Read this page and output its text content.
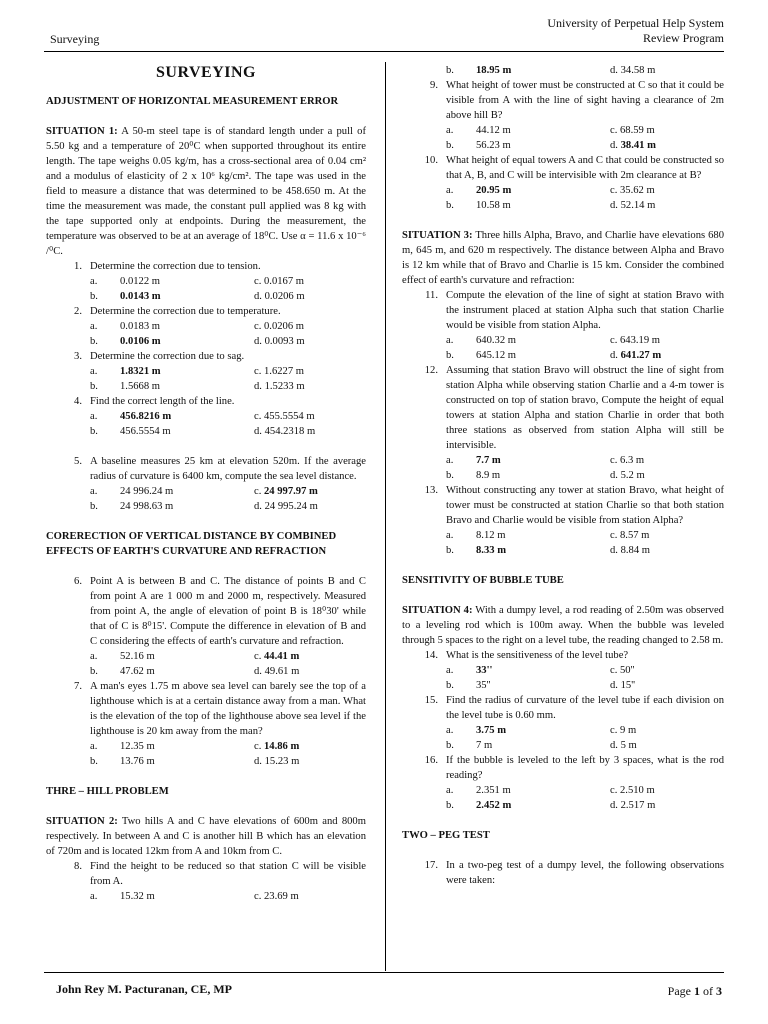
Surveying
University of Perpetual Help System
Review Program
SURVEYING

ADJUSTMENT OF HORIZONTAL MEASUREMENT ERROR

SITUATION 1: A 50-m steel tape is of standard length under a pull of 5.50 kg and a temperature of 20⁰C when supported throughout its entire length. The tape weighs 0.05 kg/m, has a cross-sectional area of 0.04 cm² and a modulus of elasticity of 2 x 10⁶ kg/cm². The tape was used in the field to measure a distance that was determined to be 458.650 m. At the time the measurement was made, the constant pull applied was 8 kg with the tape supported only at endpoints. During the measurement, the temperature was observed to be at an average of 18⁰C. Use α = 11.6 x 10⁻⁶ /⁰C.

1. Determine the correction due to tension.
a.	0.0122 m	c. 0.0167 m
b.	0.0143 m	d. 0.0206 m
2. Determine the correction due to temperature.
a.	0.0183 m	c. 0.0206 m
b.	0.0106 m	d. 0.0093 m
3. Determine the correction due to sag.
a.	1.8321 m	c. 1.6227 m
b.	1.5668 m	d. 1.5233 m
4. Find the correct length of the line.
a.	456.8216 m	c. 455.5554 m
b.	456.5554 m	d. 454.2318 m
5. A baseline measures 25 km at elevation 520m. If the average radius of curvature is 6400 km, compute the sea level distance.
a.	24 996.24 m	c. 24 997.97 m
b.	24 998.63 m	d. 24 995.24 m

CORERECTION OF VERTICAL DISTANCE BY COMBINED
EFFECTS OF EARTH'S CURVATURE AND REFRACTION

6. Point A is between B and C. The distance of points B and C from point A are 1 000 m and 2000 m, respectively. Measured from point A, the angle of elevation of point B is 18⁰30' while that of C is 8⁰15'. Compute the difference in elevation of B and C considering the effects of earth's curvature and refraction.
a.	52.16 m	c. 44.41 m
b.	47.62 m	d. 49.61 m
7. A man's eyes 1.75 m above sea level can barely see the top of a lighthouse which is at a certain distance away from a man. What is the elevation of the top of the lighthouse above sea level if the lighthouse is 20 km away from the man?
a.	12.35 m	c. 14.86 m
b.	13.76 m	d. 15.23 m

THRE – HILL PROBLEM

SITUATION 2: Two hills A and C have elevations of 600m and 800m respectively. In between A and C is another hill B which has an elevation of 720m and is located 12km from A and 10km from C.

8. Find the height to be reduced so that station C will be visible from A.
a.	15.32 m	c. 23.69 m
b.	18.95 m	d. 34.58 m
9. What height of tower must be constructed at C so that it could be visible from A with the line of sight having a clearance of 2m above hill B?
a.	44.12 m	c. 68.59 m
b.	56.23 m	d. 38.41 m
10. What height of equal towers A and C that could be constructed so that A, B, and C will be intervisible with 2m clearance at B?
a.	20.95 m	c. 35.62 m
b.	10.58 m	d. 52.14 m

SITUATION 3: Three hills Alpha, Bravo, and Charlie have elevations 680 m, 645 m, and 620 m respectively. The distance between Alpha and Bravo is 12 km while that of Bravo and Charlie is 15 km. Consider the combined effect of earth's curvature and refraction:

11. Compute the elevation of the line of sight at station Bravo with the instrument placed at station Alpha such that station Charlie would be visible from station Alpha.
a.	640.32 m	c. 643.19 m
b.	645.12 m	d. 641.27 m
12. Assuming that station Bravo will obstruct the line of sight from station Alpha while observing station Charlie and a 4-m tower is constructed on top of station bravo, Compute the height of equal towers at station Alpha and station Charlie in order that both three stations as observed from station Alpha will still be intervisible.
a.	7.7 m	c. 6.3 m
b.	8.9 m	d. 5.2 m
13. Without constructing any tower at station Bravo, what height of tower must be constructed at station Charlie so that both station Bravo and Charlie would be visible from station Alpha?
a.	8.12 m	c. 8.57 m
b.	8.33 m	d. 8.84 m

SENSITIVITY OF BUBBLE TUBE

SITUATION 4: With a dumpy level, a rod reading of 2.50m was observed to a leveling rod which is 100m away. When the bubble was leveled through 5 spaces to the right on a level tube, the reading changed to 2.58 m.

14. What is the sensitiveness of the level tube?
a.	33''	c. 50''
b.	35''	d. 15''
15. Find the radius of curvature of the level tube if each division on the level tube is 0.60 mm.
a.	3.75 m	c. 9 m
b.	7 m	d. 5 m
16. If the bubble is leveled to the left by 3 spaces, what is the rod reading?
a.	2.351 m	c. 2.510 m
b.	2.452 m	d. 2.517 m

TWO – PEG TEST

17. In a two-peg test of a dumpy level, the following observations were taken:
John Rey M. Pacturanan, CE, MP	Page 1 of 3
